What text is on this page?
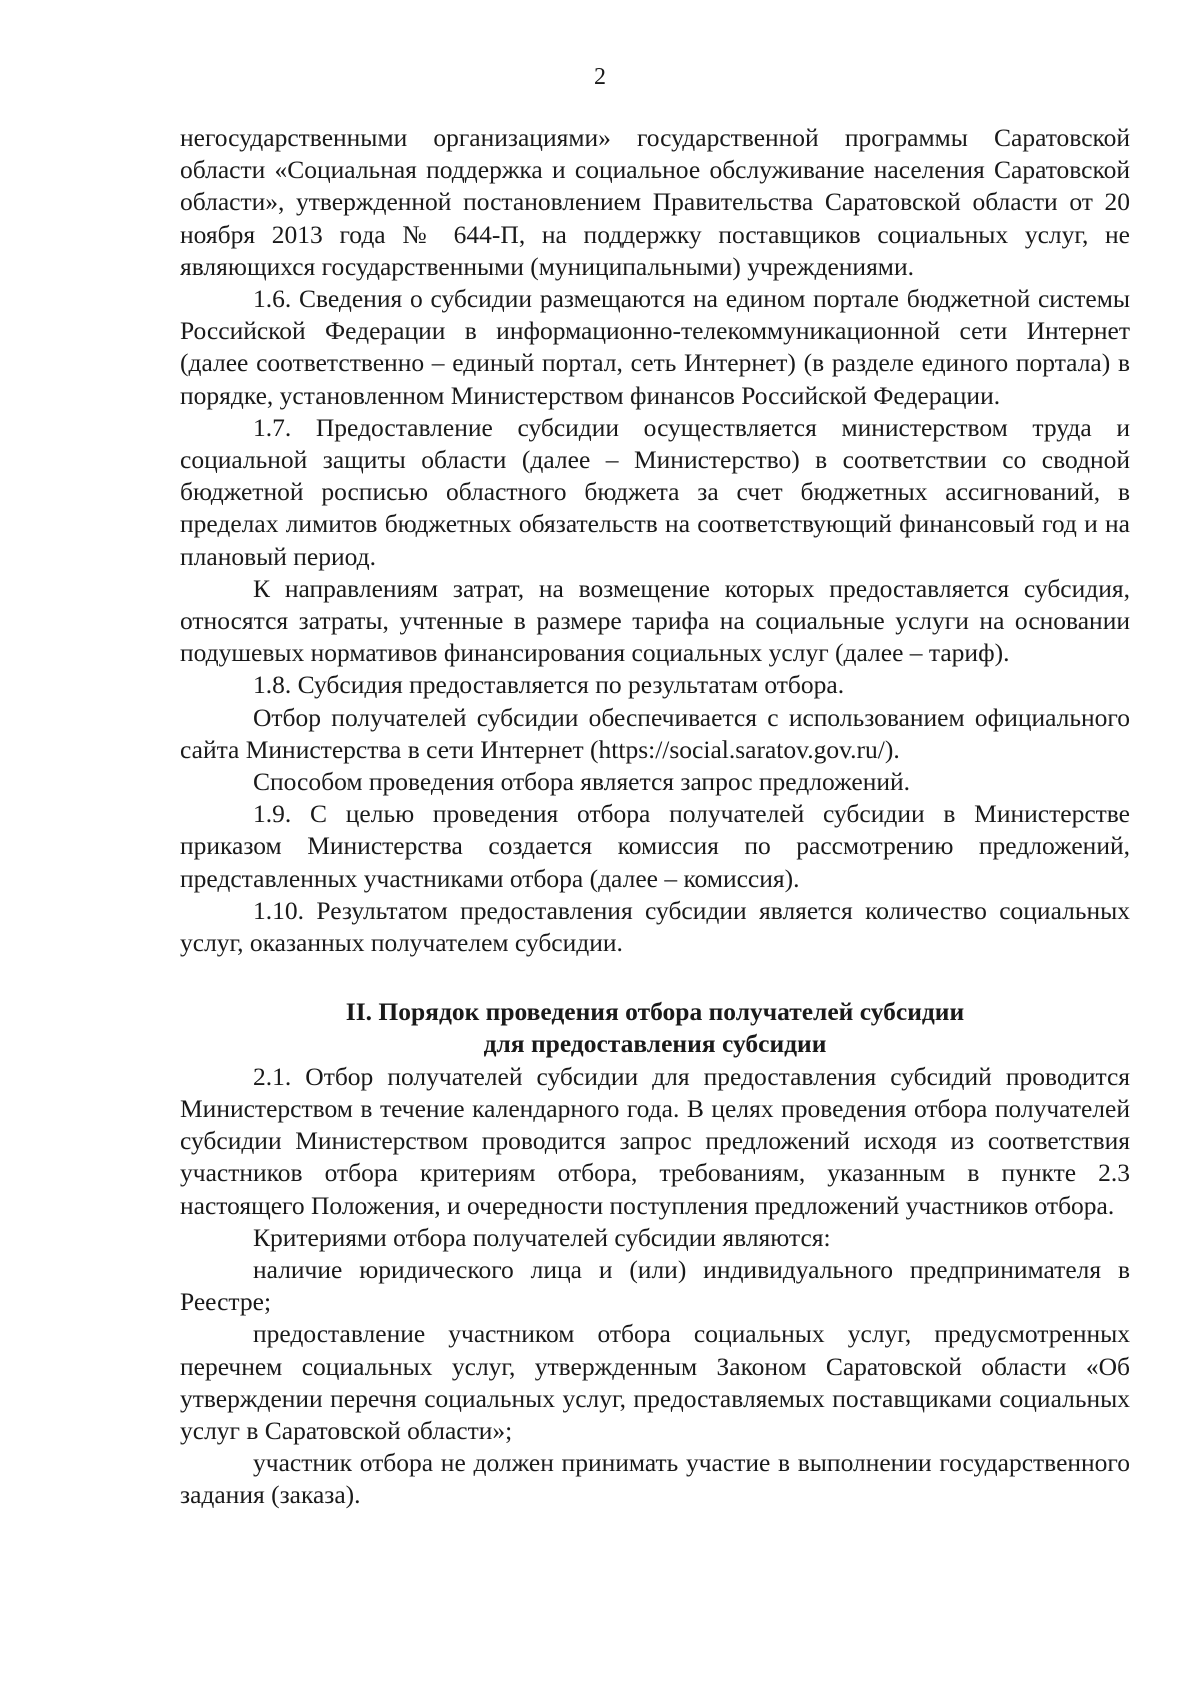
2

негосударственными организациями» государственной программы Саратовской области «Социальная поддержка и социальное обслуживание населения Саратовской области», утвержденной постановлением Правительства Саратовской области от 20 ноября 2013 года № 644-П, на поддержку поставщиков социальных услуг, не являющихся государственными (муниципальными) учреждениями.

1.6. Сведения о субсидии размещаются на едином портале бюджетной системы Российской Федерации в информационно-телекоммуникационной сети Интернет (далее соответственно – единый портал, сеть Интернет) (в разделе единого портала) в порядке, установленном Министерством финансов Российской Федерации.

1.7. Предоставление субсидии осуществляется министерством труда и социальной защиты области (далее – Министерство) в соответствии со сводной бюджетной росписью областного бюджета за счет бюджетных ассигнований, в пределах лимитов бюджетных обязательств на соответствующий финансовый год и на плановый период.

К направлениям затрат, на возмещение которых предоставляется субсидия, относятся затраты, учтенные в размере тарифа на социальные услуги на основании подушевых нормативов финансирования социальных услуг (далее – тариф).

1.8. Субсидия предоставляется по результатам отбора.

Отбор получателей субсидии обеспечивается с использованием официального сайта Министерства в сети Интернет (https://social.saratov.gov.ru/).

Способом проведения отбора является запрос предложений.

1.9. С целью проведения отбора получателей субсидии в Министерстве приказом Министерства создается комиссия по рассмотрению предложений, представленных участниками отбора (далее – комиссия).

1.10. Результатом предоставления субсидии является количество социальных услуг, оказанных получателем субсидии.

II. Порядок проведения отбора получателей субсидии
для предоставления субсидии

2.1. Отбор получателей субсидии для предоставления субсидий проводится Министерством в течение календарного года. В целях проведения отбора получателей субсидии Министерством проводится запрос предложений исходя из соответствия участников отбора критериям отбора, требованиям, указанным в пункте 2.3 настоящего Положения, и очередности поступления предложений участников отбора.

Критериями отбора получателей субсидии являются:

наличие юридического лица и (или) индивидуального предпринимателя в Реестре;

предоставление участником отбора социальных услуг, предусмотренных перечнем социальных услуг, утвержденным Законом Саратовской области «Об утверждении перечня социальных услуг, предоставляемых поставщиками социальных услуг в Саратовской области»;

участник отбора не должен принимать участие в выполнении государственного задания (заказа).
